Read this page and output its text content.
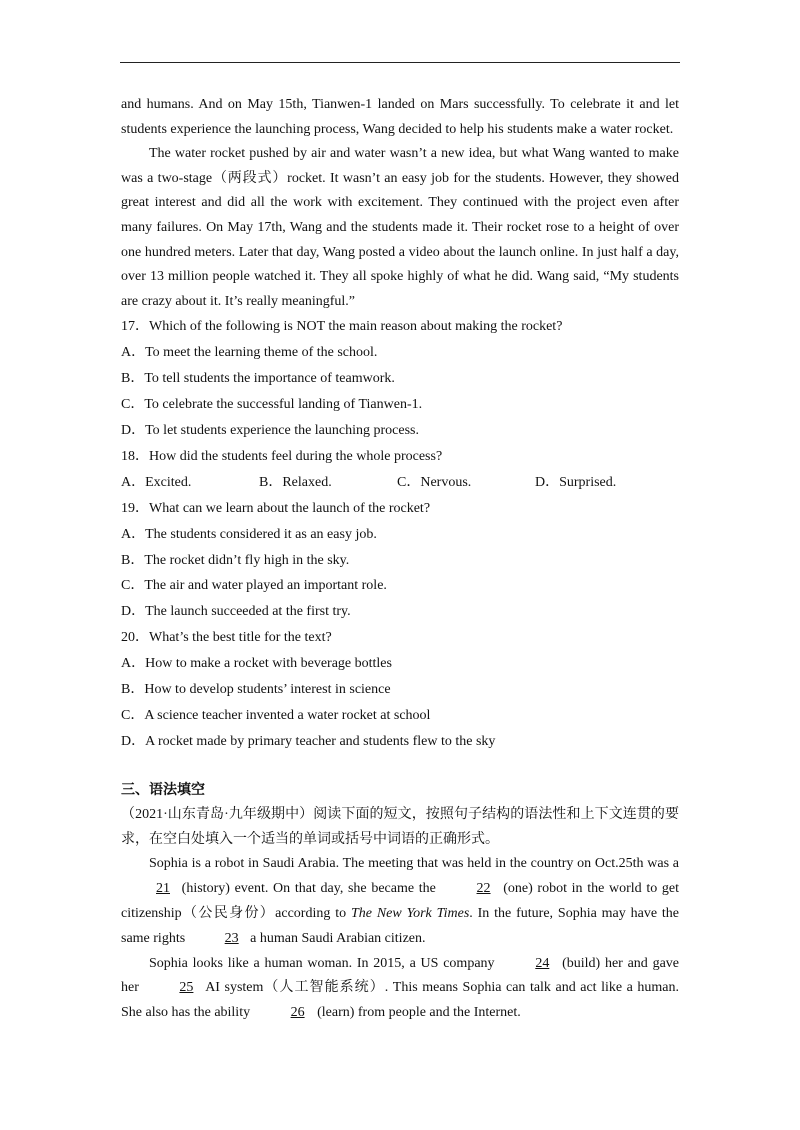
and humans. And on May 15th, Tianwen-1 landed on Mars successfully. To celebrate it and let students experience the launching process, Wang decided to help his students make a water rocket.
The water rocket pushed by air and water wasn’t a new idea, but what Wang wanted to make was a two-stage（两段式）rocket. It wasn’t an easy job for the students. However, they showed great interest and did all the work with excitement. They continued with the project even after many failures. On May 17th, Wang and the students made it. Their rocket rose to a height of over one hundred meters. Later that day, Wang posted a video about the launch online. In just half a day, over 13 million people watched it. They all spoke highly of what he did. Wang said, “My students are crazy about it. It’s really meaningful.”
17．Which of the following is NOT the main reason about making the rocket?
A．To meet the learning theme of the school.
B．To tell students the importance of teamwork.
C．To celebrate the successful landing of Tianwen-1.
D．To let students experience the launching process.
18．How did the students feel during the whole process?
A．Excited.	B．Relaxed.	C．Nervous.	D．Surprised.
19．What can we learn about the launch of the rocket?
A．The students considered it as an easy job.
B．The rocket didn’t fly high in the sky.
C．The air and water played an important role.
D．The launch succeeded at the first try.
20．What’s the best title for the text?
A．How to make a rocket with beverage bottles
B．How to develop students’ interest in science
C．A science teacher invented a water rocket at school
D．A rocket made by primary teacher and students flew to the sky
三、语法填空
（2021·山东青岛·九年级期中）阅读下面的短文，按照句子结构的语法性和上下文连贯的要求，在空白处填入一个适当的单词或括号中词语的正确形式。
Sophia is a robot in Saudi Arabia. The meeting that was held in the country on Oct.25th was a 21 (history) event. On that day, she became the	22 (one) robot in the world to get citizenship（公民身份）according to The New York Times. In the future, Sophia may have the same rights	23 a human Saudi Arabian citizen.
Sophia looks like a human woman. In 2015, a US company	24 (build) her and gave her	25 AI system（人工智能系统）. This means Sophia can talk and act like a human. She also has the ability	26 (learn) from people and the Internet.
